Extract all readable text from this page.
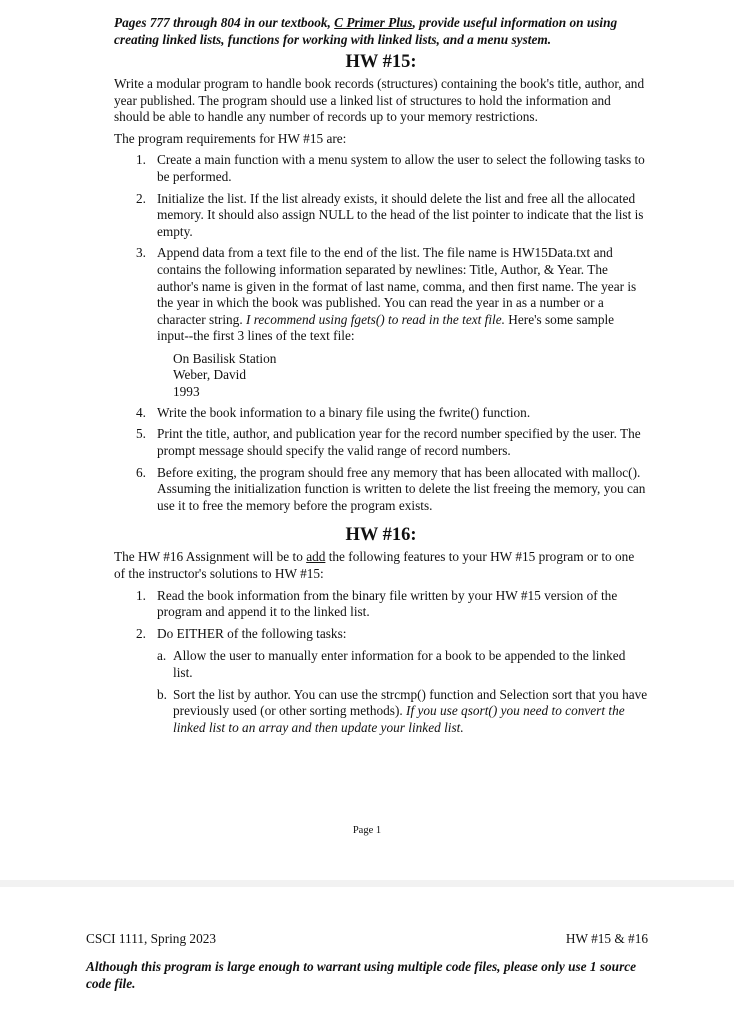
Pages 777 through 804 in our textbook, C Primer Plus, provide useful information on using creating linked lists, functions for working with linked lists, and a menu system.

HW #15:

Write a modular program to handle book records (structures) containing the book's title, author, and year published. The program should use a linked list of structures to hold the information and should be able to handle any number of records up to your memory restrictions.

The program requirements for HW #15 are:

1. Create a main function with a menu system to allow the user to select the following tasks to be performed.
2. Initialize the list. If the list already exists, it should delete the list and free all the allocated memory. It should also assign NULL to the head of the list pointer to indicate that the list is empty.
3. Append data from a text file to the end of the list. The file name is HW15Data.txt and contains the following information separated by newlines: Title, Author, & Year. The author's name is given in the format of last name, comma, and then first name. The year is the year in which the book was published. You can read the year in as a number or a character string. I recommend using fgets() to read in the text file. Here's some sample input--the first 3 lines of the text file:
On Basilisk Station
Weber, David
1993
4. Write the book information to a binary file using the fwrite() function.
5. Print the title, author, and publication year for the record number specified by the user. The prompt message should specify the valid range of record numbers.
6. Before exiting, the program should free any memory that has been allocated with malloc(). Assuming the initialization function is written to delete the list freeing the memory, you can use it to free the memory before the program exists.
HW #16:

The HW #16 Assignment will be to add the following features to your HW #15 program or to one of the instructor's solutions to HW #15:

1. Read the book information from the binary file written by your HW #15 version of the program and append it to the linked list.
2. Do EITHER of the following tasks:
a. Allow the user to manually enter information for a book to be appended to the linked list.
b. Sort the list by author. You can use the strcmp() function and Selection sort that you have previously used (or other sorting methods). If you use qsort() you need to convert the linked list to an array and then update your linked list.
Page 1
CSCI 1111, Spring 2023	HW #15 & #16
Although this program is large enough to warrant using multiple code files, please only use 1 source code file.
